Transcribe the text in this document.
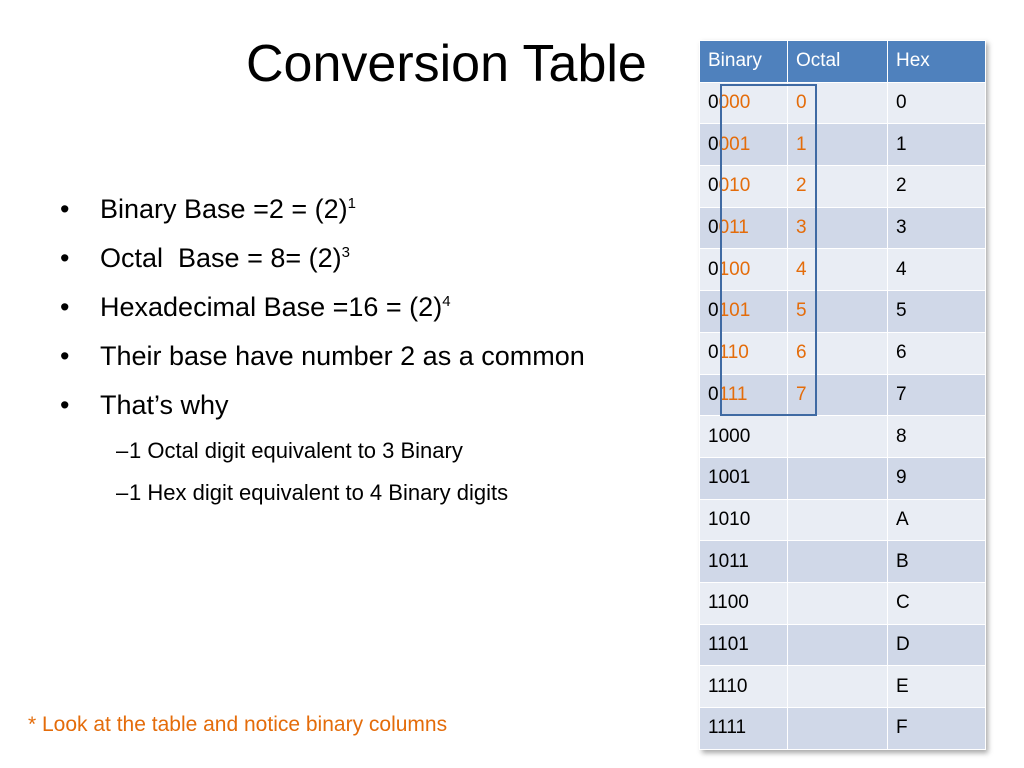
Conversion Table
• Binary Base $=2 = (2)^1$
• Octal  Base = $8= (2)^3$
• Hexadecimal Base $=16 = (2)^4$
• Their base have number 2 as a common
• That’s why
– 1 Octal digit equivalent to 3 Binary
– 1 Hex digit equivalent to 4 Binary digits
* Look at the table and notice binary columns
Binary	Octal	Hex
0000	0	0
0001	1	1
0010	2	2
0011	3	3
0100	4	4
0101	5	5
0110	6	6
0111	7	7
1000		8
1001		9
1010		A
1011		B
1100		C
1101		D
1110		E
1111		F
